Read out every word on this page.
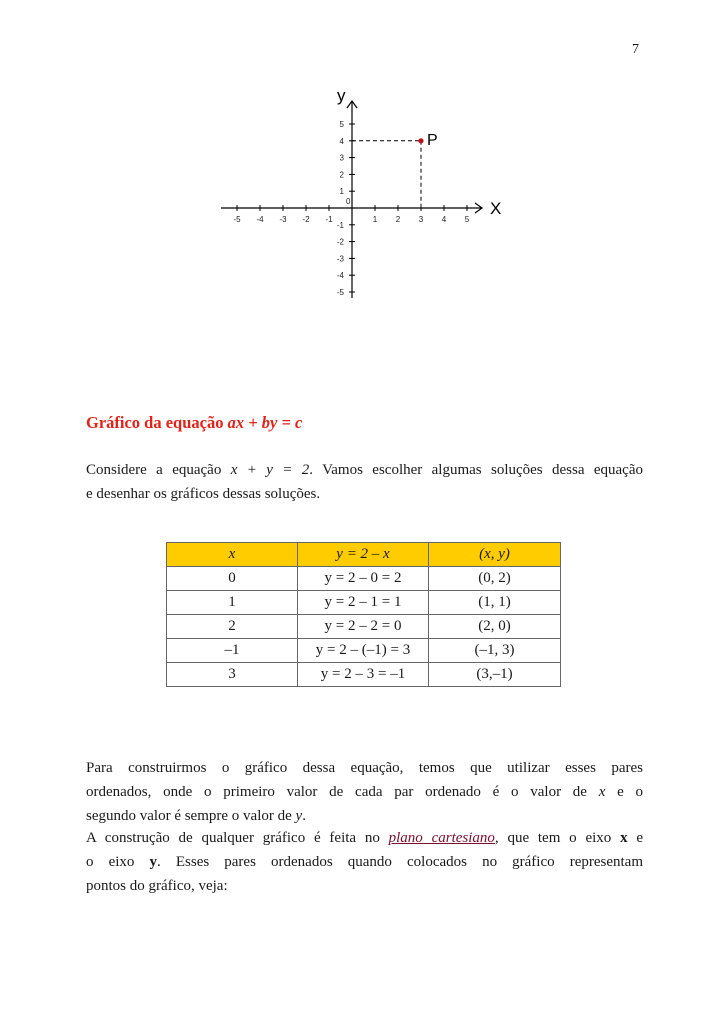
7
X
y
0
-5 -4 -3 -2 -1	1 2 3 4 5
5
4
3
2
1
-1
-2
-3
-4
-5
P
Gráfico da equação ax + by = c

Considere a equação x + y = 2. Vamos escolher algumas soluções dessa equação
e desenhar os gráficos dessas soluções.

x	y = 2 – x	(x, y)
0	y = 2 – 0 = 2	(0, 2)
1	y = 2 – 1 = 1	(1, 1)
2	y = 2 – 2 = 0	(2, 0)
–1	y = 2 – (–1) = 3	(–1, 3)
3	y = 2 – 3 = –1	(3,–1)

Para construirmos o gráfico dessa equação, temos que utilizar esses pares
ordenados, onde o primeiro valor de cada par ordenado é o valor de x e o
segundo valor é sempre o valor de y.

A construção de qualquer gráfico é feita no plano cartesiano, que tem o eixo x e
o eixo y. Esses pares ordenados quando colocados no gráfico representam
pontos do gráfico, veja:
